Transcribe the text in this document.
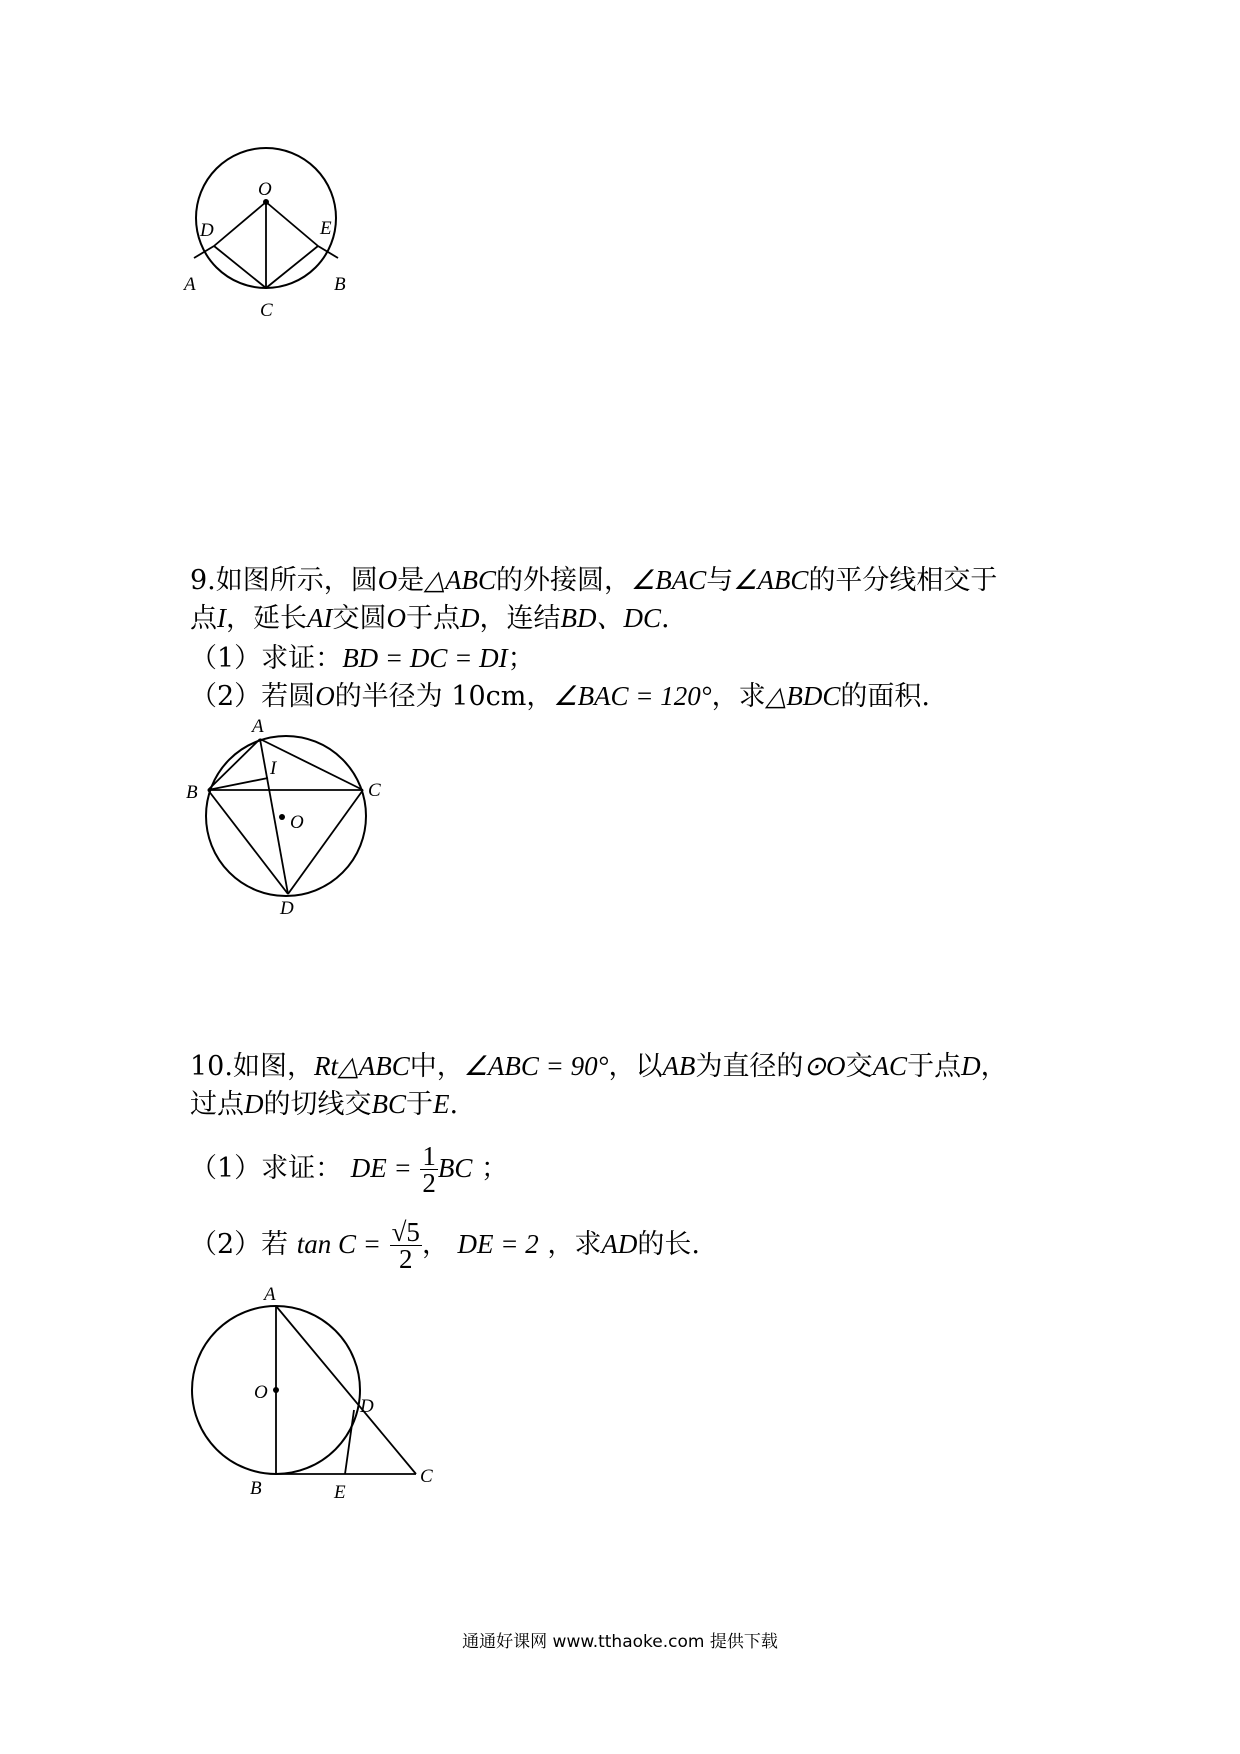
O
D	E
A	B
C
9.如图所示，圆O是△ABC的外接圆，∠BAC与∠ABC的平分线相交于
点I，延长AI交圆O于点D，连结BD、DC.
（1）求证：BD = DC = DI；
（2）若圆O的半径为 10cm，∠BAC = 120°，求△BDC的面积.
A
I
B	C
O
D
10.如图，Rt△ABC中，∠ABC = 90°，以AB为直径的⊙O交AC于点D，
过点D的切线交BC于E.
（1）求证： DE = $\frac{1}{2}$ BC ；
（2）若 $\tan C = \frac{√5}{2}$ ， DE = 2 ，求AD的长.
A
O
D
B	E
C
通通好课网 www.tthaoke.com 提供下载
